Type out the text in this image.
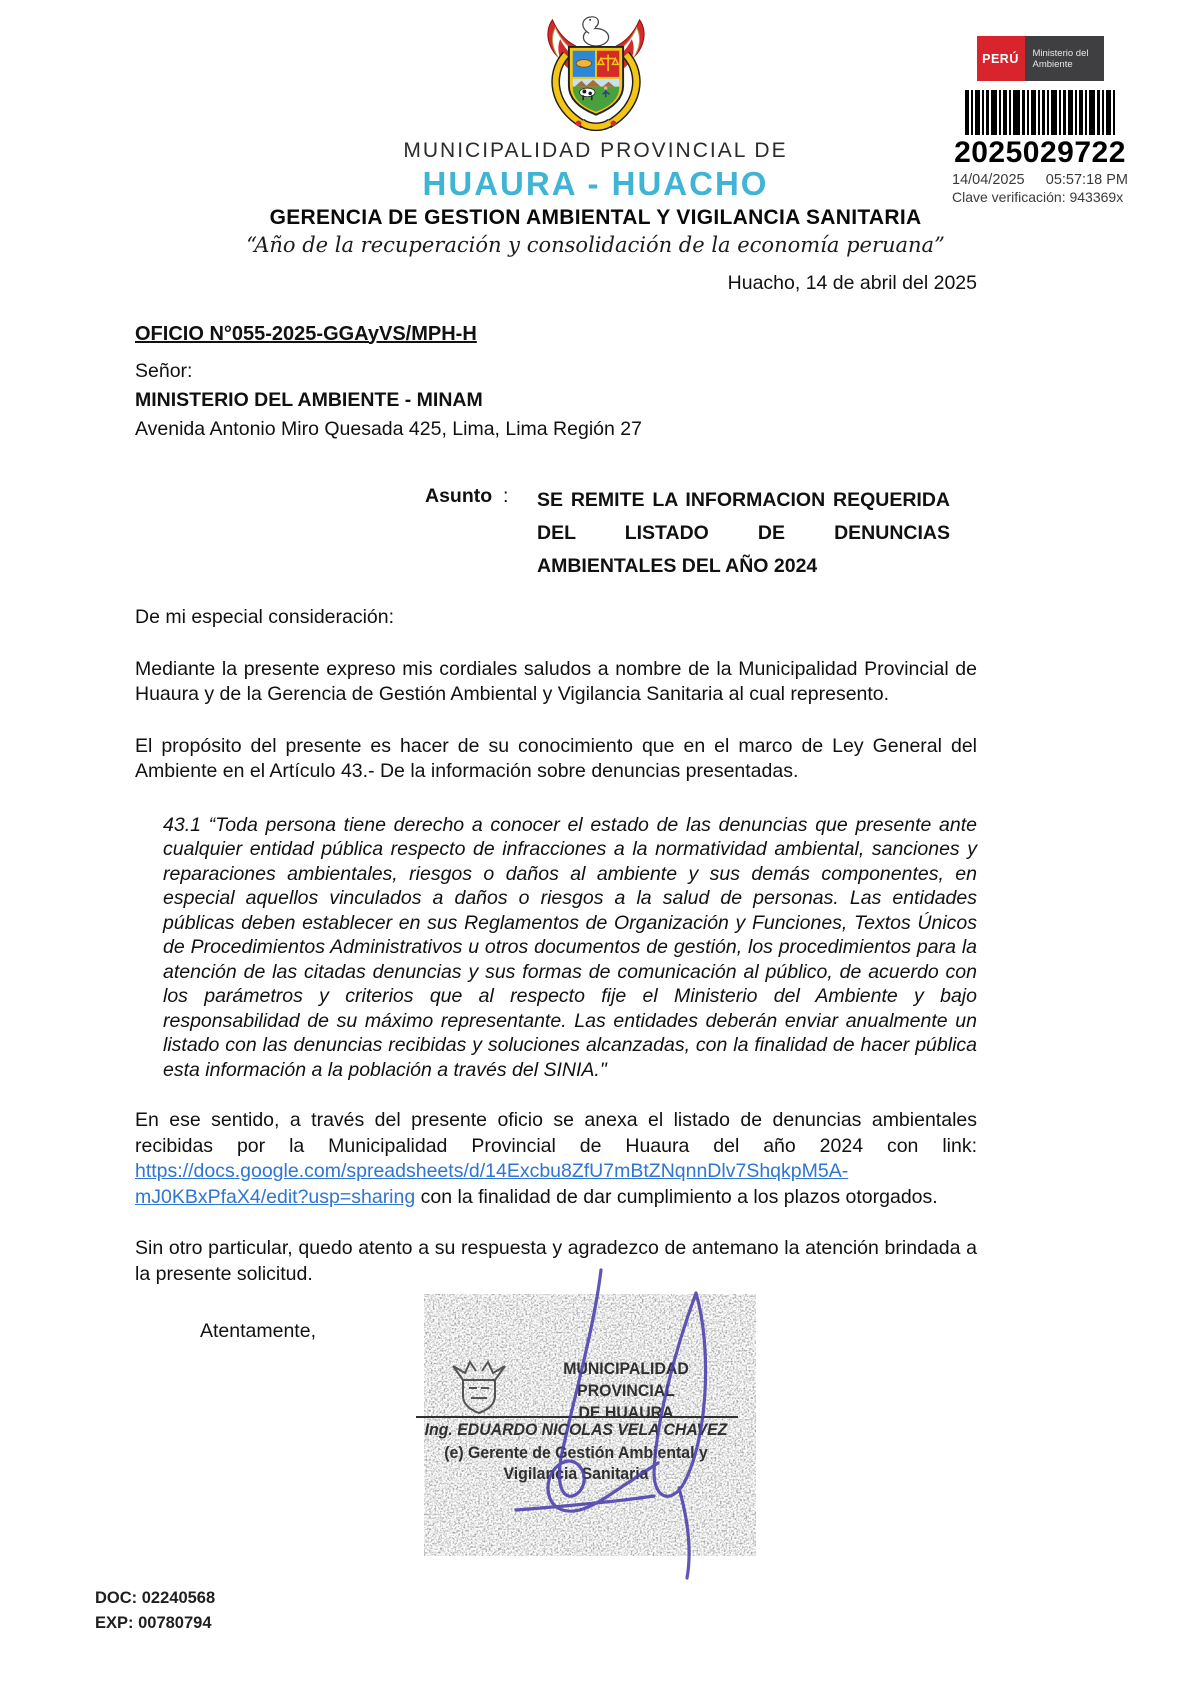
MUNICIPALIDAD PROVINCIAL DE
HUAURA - HUACHO
GERENCIA DE GESTION AMBIENTAL Y VIGILANCIA SANITARIA
“Año de la recuperación y consolidación de la economía peruana”
PERÚ	Ministerio del Ambiente
2025029722
14/04/2025 05:57:18 PM
Clave verificación: 943369x
Huacho, 14 de abril del 2025
OFICIO N°055-2025-GGAyVS/MPH-H
Señor:
MINISTERIO DEL AMBIENTE - MINAM
Avenida Antonio Miro Quesada 425, Lima, Lima Región 27
Asunto :	SE REMITE LA INFORMACION REQUERIDA DEL LISTADO DE DENUNCIAS AMBIENTALES DEL AÑO 2024
De mi especial consideración:
Mediante la presente expreso mis cordiales saludos a nombre de la Municipalidad Provincial de Huaura y de la Gerencia de Gestión Ambiental y Vigilancia Sanitaria al cual represento.
El propósito del presente es hacer de su conocimiento que en el marco de Ley General del Ambiente en el Artículo 43.- De la información sobre denuncias presentadas.
43.1 “Toda persona tiene derecho a conocer el estado de las denuncias que presente ante cualquier entidad pública respecto de infracciones a la normatividad ambiental, sanciones y reparaciones ambientales, riesgos o daños al ambiente y sus demás componentes, en especial aquellos vinculados a daños o riesgos a la salud de personas. Las entidades públicas deben establecer en sus Reglamentos de Organización y Funciones, Textos Únicos de Procedimientos Administrativos u otros documentos de gestión, los procedimientos para la atención de las citadas denuncias y sus formas de comunicación al público, de acuerdo con los parámetros y criterios que al respecto fije el Ministerio del Ambiente y bajo responsabilidad de su máximo representante. Las entidades deberán enviar anualmente un listado con las denuncias recibidas y soluciones alcanzadas, con la finalidad de hacer pública esta información a la población a través del SINIA."
En ese sentido, a través del presente oficio se anexa el listado de denuncias ambientales recibidas por la Municipalidad Provincial de Huaura del año 2024 con link: https://docs.google.com/spreadsheets/d/14Excbu8ZfU7mBtZNqnnDlv7ShqkpM5A-mJ0KBxPfaX4/edit?usp=sharing con la finalidad de dar cumplimiento a los plazos otorgados.
Sin otro particular, quedo atento a su respuesta y agradezco de antemano la atención brindada a la presente solicitud.
Atentamente,
MUNICIPALIDAD PROVINCIAL
DE HUAURA
Ing. EDUARDO NICOLAS VELA CHAVEZ
(e) Gerente de Gestión Ambiental y
Vigilancia Sanitaria
DOC: 02240568
EXP: 00780794
